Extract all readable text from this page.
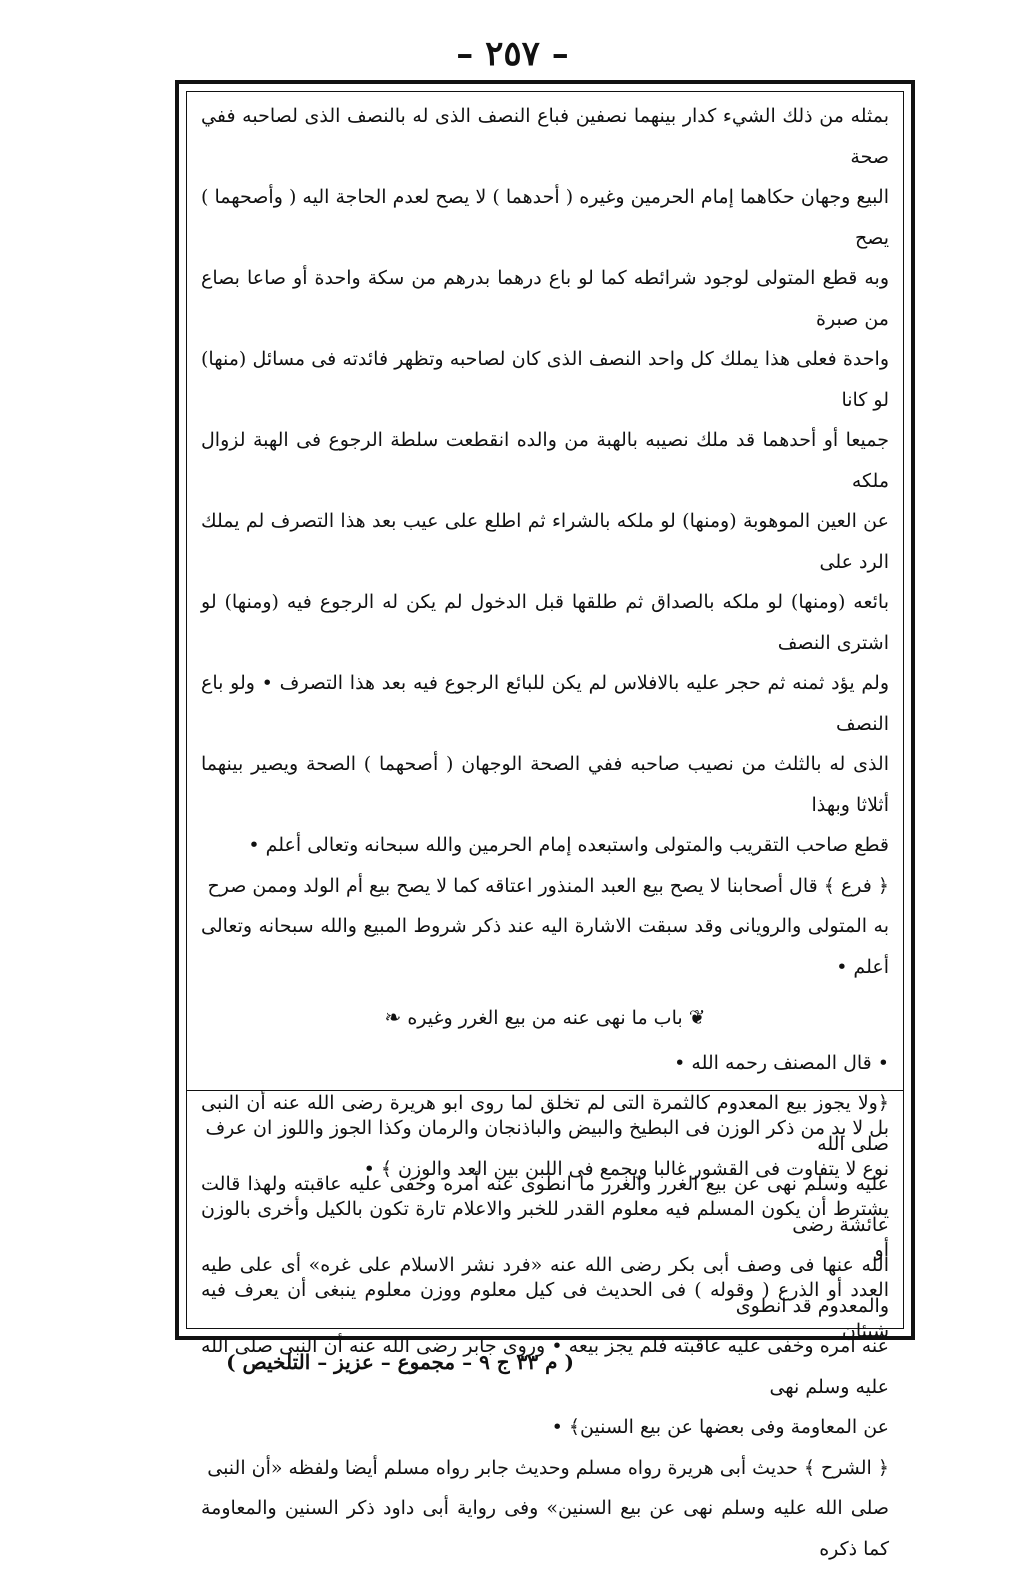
– ٢٥٧ –

بمثله من ذلك الشيء كدار بينهما نصفين فباع النصف الذى له بالنصف الذى لصاحبه ففي صحة

البيع وجهان حكاهما إمام الحرمين وغيره ( أحدهما ) لا يصح لعدم الحاجة اليه ( وأصحهما ) يصح

وبه قطع المتولى لوجود شرائطه كما لو باع درهما بدرهم من سكة واحدة أو صاعا بصاع من صبرة

واحدة فعلى هذا يملك كل واحد النصف الذى كان لصاحبه وتظهر فائدته فى مسائل (منها) لو كانا

جميعا أو أحدهما قد ملك نصيبه بالهبة من والده انقطعت سلطة الرجوع فى الهبة لزوال ملكه

عن العين الموهوبة (ومنها) لو ملكه بالشراء ثم اطلع على عيب بعد هذا التصرف لم يملك الرد على

بائعه (ومنها) لو ملكه بالصداق ثم طلقها قبل الدخول لم يكن له الرجوع فيه (ومنها) لو اشترى النصف

ولم يؤد ثمنه ثم حجر عليه بالافلاس لم يكن للبائع الرجوع فيه بعد هذا التصرف • ولو باع النصف

الذى له بالثلث من نصيب صاحبه ففي الصحة الوجهان ( أصحهما ) الصحة ويصير بينهما أثلاثا وبهذا

قطع صاحب التقريب والمتولى واستبعده إمام الحرمين والله سبحانه وتعالى أعلم •

﴿ فرع ﴾ قال أصحابنا لا يصح بيع العبد المنذور اعتاقه كما لا يصح بيع أم الولد وممن صرح

به المتولى والرويانى وقد سبقت الاشارة اليه عند ذكر شروط المبيع والله سبحانه وتعالى أعلم •

❦ باب ما نهى عنه من بيع الغرر وغيره ❧

• قال المصنف رحمه الله •

﴿ولا يجوز بيع المعدوم كالثمرة التى لم تخلق لما روى ابو هريرة رضى الله عنه أن النبى صلى الله

عليه وسلم نهى عن بيع الغرر والغرر ما انطوى عنه أمره وخفى عليه عاقبته ولهذا قالت عائشة رضى

الله عنها فى وصف أبى بكر رضى الله عنه «فرد نشر الاسلام على غره» أى على طيه والمعدوم قد انطوى

عنه امره وخفى عليه عاقبته فلم يجز بيعه • وروى جابر رضى الله عنه أن النبى صلى الله عليه وسلم نهى

عن المعاومة وفى بعضها عن بيع السنين﴾ •

﴿ الشرح ﴾ حديث أبى هريرة رواه مسلم وحديث جابر رواه مسلم أيضا ولفظه «أن النبى

صلى الله عليه وسلم نهى عن بيع السنين» وفى رواية أبى داود ذكر السنين والمعاومة كما ذكره

بل لا بد من ذكر الوزن فى البطيخ والبيض والباذنجان والرمان وكذا الجوز واللوز ان عرف

نوع لا يتفاوت فى القشور غالبا ويجمع فى اللبن بين العد والوزن ﴾ •

يشترط أن يكون المسلم فيه معلوم القدر للخبر والاعلام تارة تكون بالكيل وأخرى بالوزن أو

العدد أو الذرع ( وقوله ) فى الحديث فى كيل معلوم ووزن معلوم ينبغى أن يعرف فيه شيئان

( م ٣٣ ج ٩ – مجموع – عزيز – التلخيص )
